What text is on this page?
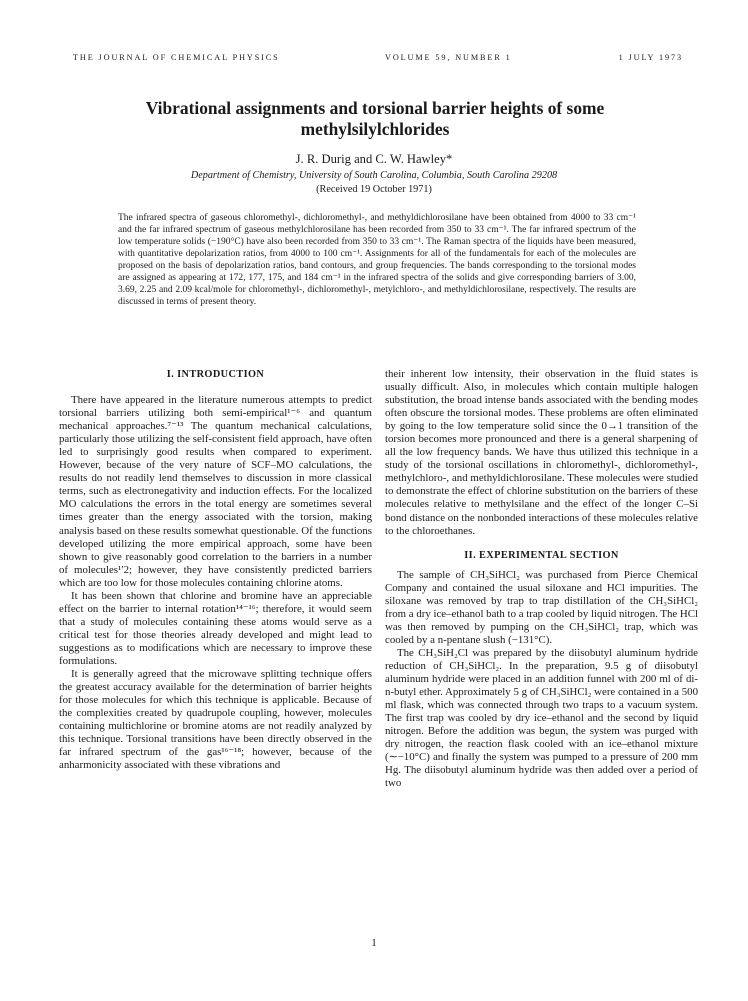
THE JOURNAL OF CHEMICAL PHYSICS	VOLUME 59, NUMBER 1	1 JULY 1973
Vibrational assignments and torsional barrier heights of some methylsilylchlorides
J. R. Durig and C. W. Hawley*
Department of Chemistry, University of South Carolina, Columbia, South Carolina 29208
(Received 19 October 1971)
The infrared spectra of gaseous chloromethyl-, dichloromethyl-, and methyldichlorosilane have been obtained from 4000 to 33 cm⁻¹ and the far infrared spectrum of gaseous methylchlorosilane has been recorded from 350 to 33 cm⁻¹. The far infrared spectrum of the low temperature solids (−190°C) have also been recorded from 350 to 33 cm⁻¹. The Raman spectra of the liquids have been measured, with quantitative depolarization ratios, from 4000 to 100 cm⁻¹. Assignments for all of the fundamentals for each of the molecules are proposed on the basis of depolarization ratios, band contours, and group frequencies. The bands corresponding to the torsional modes are assigned as appearing at 172, 177, 175, and 184 cm⁻¹ in the infrared spectra of the solids and give corresponding barriers of 3.00, 3.69, 2.25 and 2.09 kcal/mole for chloromethyl-, dichloromethyl-, metylchloro-, and methyldichlorosilane, respectively. The results are discussed in terms of present theory.
I. INTRODUCTION

There have appeared in the literature numerous attempts to predict torsional barriers utilizing both semi-empirical¹⁻⁶ and quantum mechanical approaches.⁷⁻¹³ The quantum mechanical calculations, particularly those utilizing the self-consistent field approach, have often led to surprisingly good results when compared to experiment. However, because of the very nature of SCF–MO calculations, the results do not readily lend themselves to discussion in more classical terms, such as electronegativity and induction effects. For the localized MO calculations the errors in the total energy are sometimes several times greater than the energy associated with the torsion, making analysis based on these results somewhat questionable. Of the functions developed utilizing the more empirical approach, some have been shown to give reasonably good correlation to the barriers in a number of molecules¹ʹ2; however, they have consistently predicted barriers which are too low for those molecules containing chlorine atoms.

It has been shown that chlorine and bromine have an appreciable effect on the barrier to internal rotation¹⁴⁻¹⁶; therefore, it would seem that a study of molecules containing these atoms would serve as a critical test for those theories already developed and might lead to suggestions as to modifications which are necessary to improve these formulations.

It is generally agreed that the microwave splitting technique offers the greatest accuracy available for the determination of barrier heights for those molecules for which this technique is applicable. Because of the complexities created by quadrupole coupling, however, molecules containing multichlorine or bromine atoms are not readily analyzed by this technique. Torsional transitions have been directly observed in the far infrared spectrum of the gas¹⁶⁻¹⁸; however, because of the anharmonicity associated with these vibrations and

their inherent low intensity, their observation in the fluid states is usually difficult. Also, in molecules which contain multiple halogen substitution, the broad intense bands associated with the bending modes often obscure the torsional modes. These problems are often eliminated by going to the low temperature solid since the 0→1 transition of the torsion becomes more pronounced and there is a general sharpening of all the low frequency bands. We have thus utilized this technique in a study of the torsional oscillations in chloromethyl-, dichloromethyl-, methylchloro-, and methyldichlorosilane. These molecules were studied to demonstrate the effect of chlorine substitution on the barriers of these molecules relative to methylsilane and the effect of the longer C–Si bond distance on the nonbonded interactions of these molecules relative to the chloroethanes.

II. EXPERIMENTAL SECTION

The sample of CH₃SiHCl₂ was purchased from Pierce Chemical Company and contained the usual siloxane and HCl impurities. The siloxane was removed by trap to trap distillation of the CH₃SiHCl₂ from a dry ice–ethanol bath to a trap cooled by liquid nitrogen. The HCl was then removed by pumping on the CH₃SiHCl₂ trap, which was cooled by a n-pentane slush (−131°C).

The CH₃SiH₂Cl was prepared by the diisobutyl aluminum hydride reduction of CH₃SiHCl₂. In the preparation, 9.5 g of diisobutyl aluminum hydride were placed in an addition funnel with 200 ml of di-n-butyl ether. Approximately 5 g of CH₃SiHCl₂ were contained in a 500 ml flask, which was connected through two traps to a vacuum system. The first trap was cooled by dry ice–ethanol and the second by liquid nitrogen. Before the addition was begun, the system was purged with dry nitrogen, the reaction flask cooled with an ice–ethanol mixture (∼−10°C) and finally the system was pumped to a pressure of 200 mm Hg. The diisobutyl aluminum hydride was then added over a period of two

1
